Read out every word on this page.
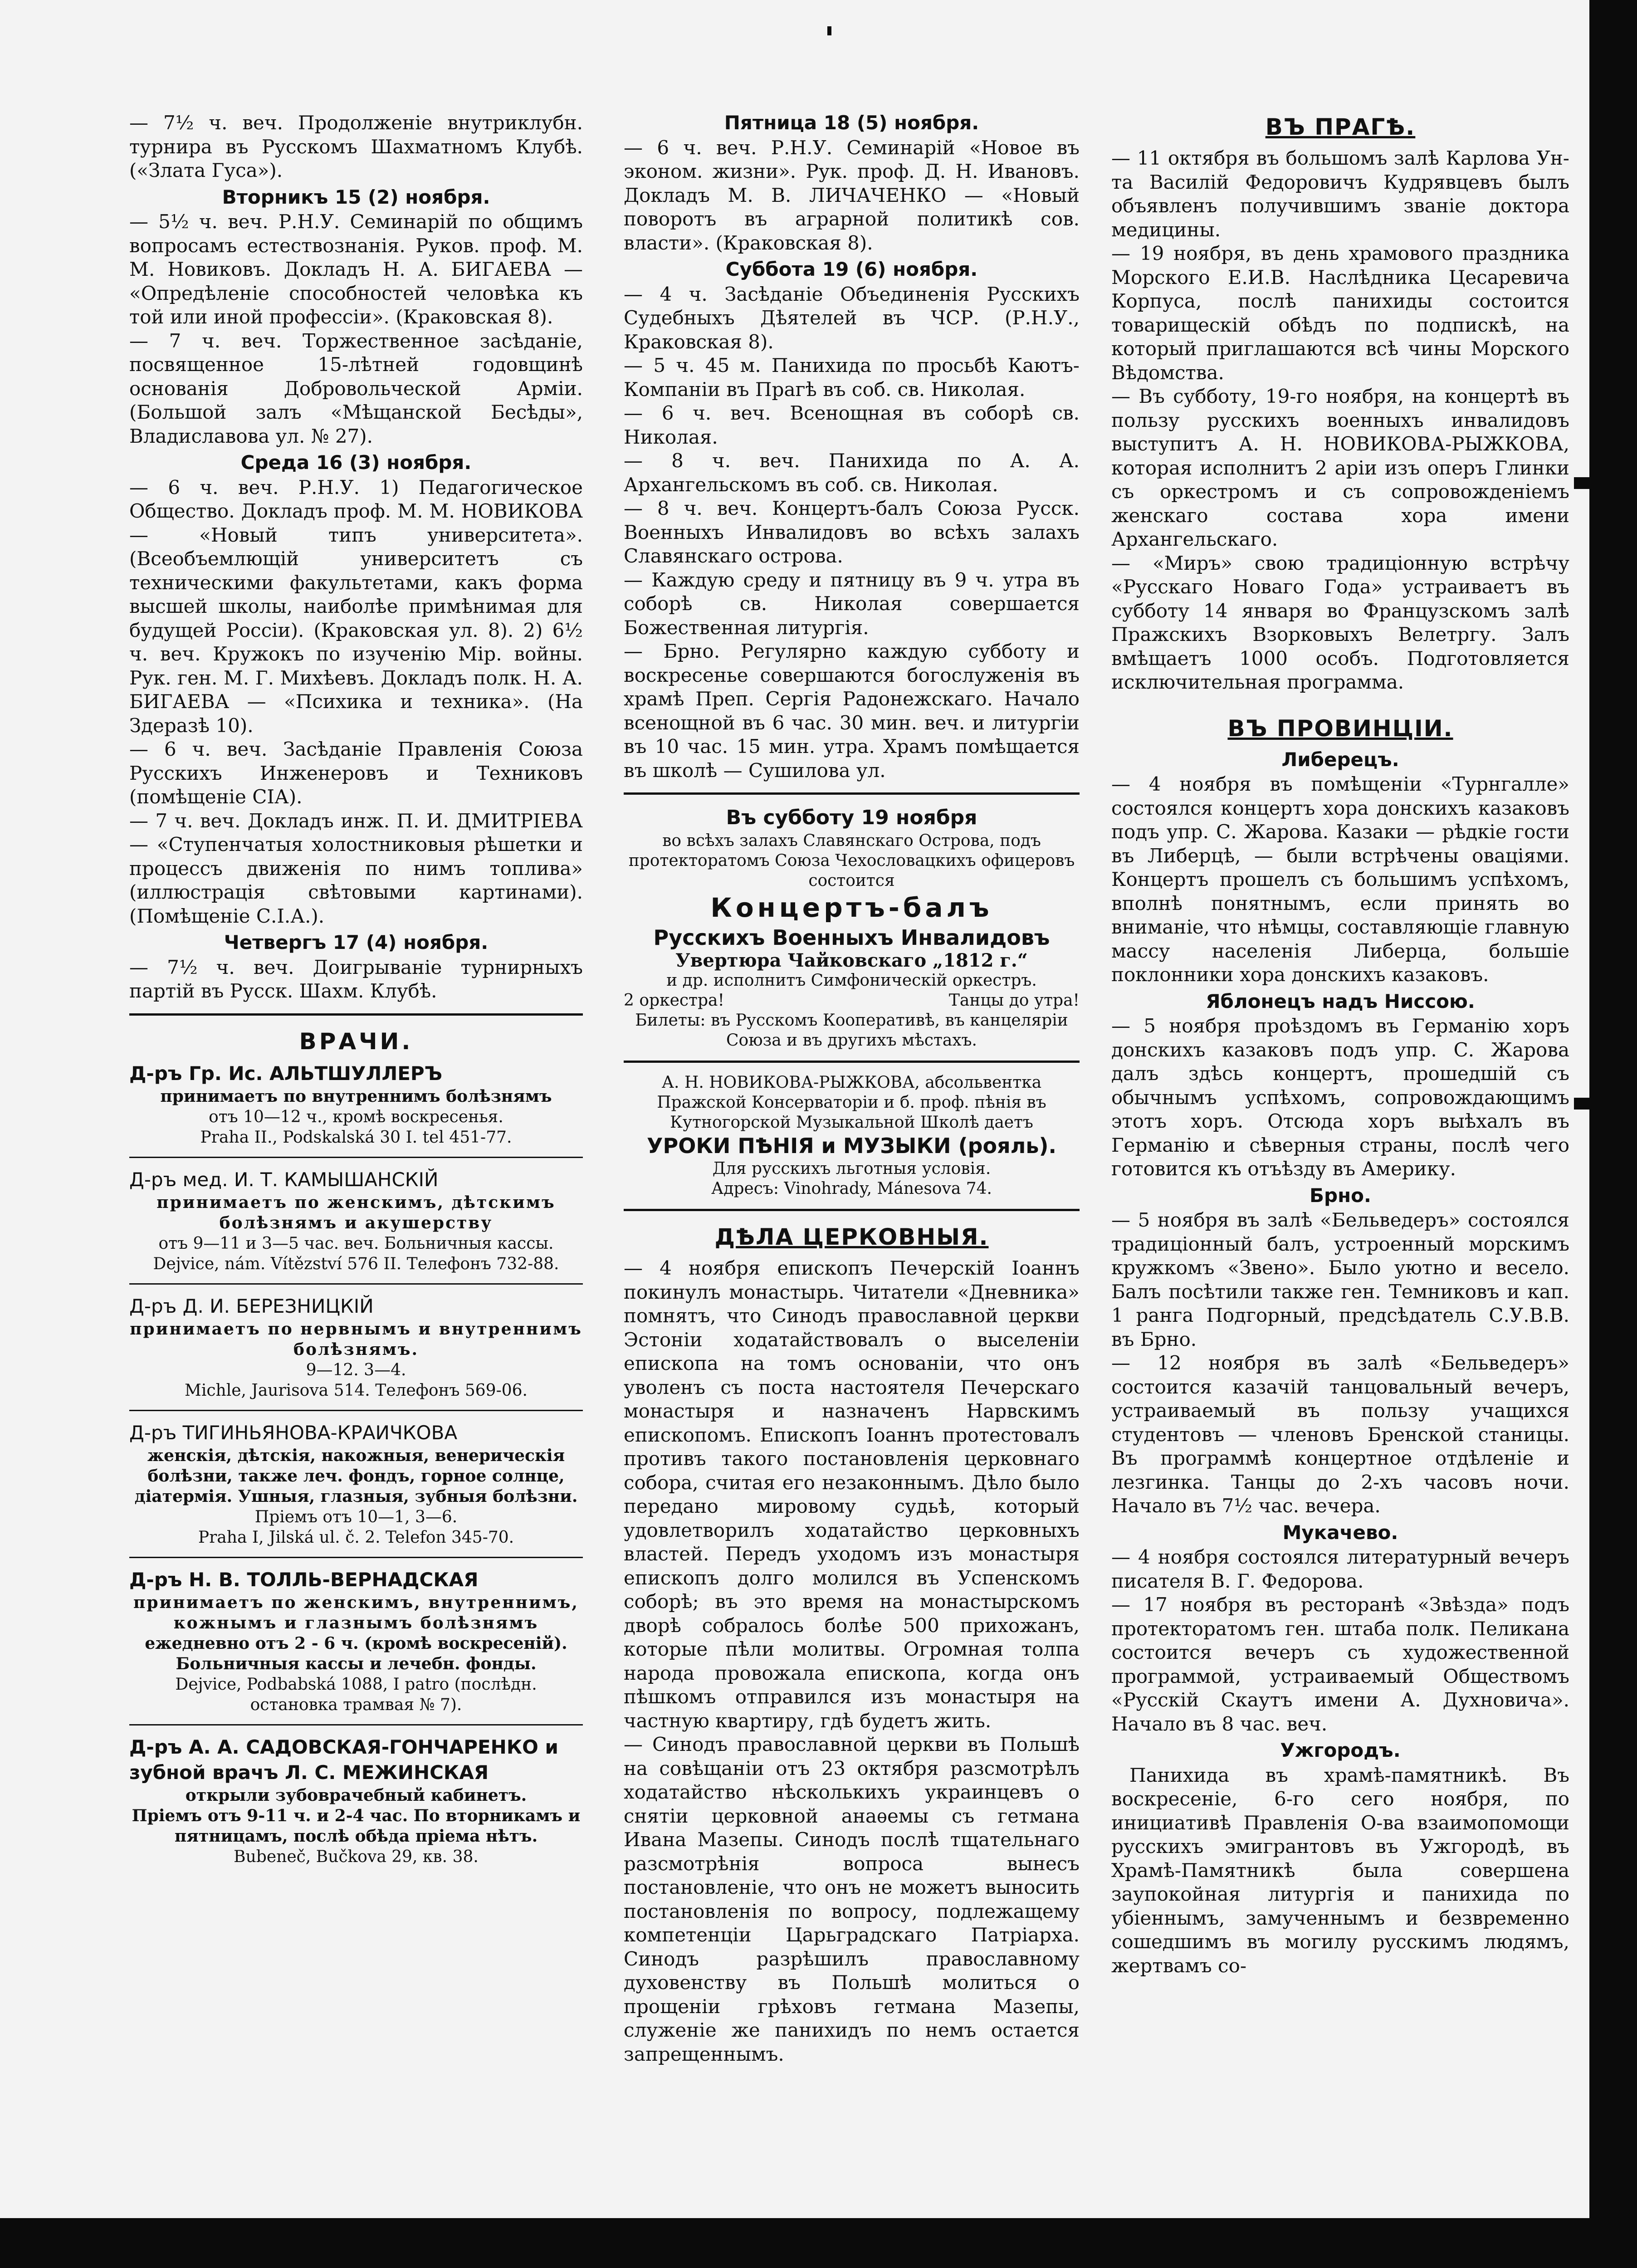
— 7½ ч. веч. Продолженіе внутриклубн. турнира въ Русскомъ Шахматномъ Клубѣ. («Злата Гуса»).

Вторникъ 15 (2) ноября.

— 5½ ч. веч. Р.Н.У. Семинарій по общимъ вопросамъ естествознанія. Руков. проф. М. М. Новиковъ. Докладъ Н. А. БИГАЕВА — «Опредѣленіе способностей человѣка къ той или иной профессіи». (Краковская 8).

— 7 ч. веч. Торжественное засѣданіе, посвященное 15-лѣтней годовщинѣ основанія Добровольческой Арміи. (Большой залъ «Мѣщанской Бесѣды», Владиславова ул. № 27).

Среда 16 (3) ноября.

— 6 ч. веч. Р.Н.У. 1) Педагогическое Общество. Докладъ проф. М. М. НОВИКОВА — «Новый типъ университета». (Всеобъемлющій университетъ съ техническими факультетами, какъ форма высшей школы, наиболѣе примѣнимая для будущей Россіи). (Краковская ул. 8). 2) 6½ ч. веч. Кружокъ по изученію Мір. войны. Рук. ген. М. Г. Михѣевъ. Докладъ полк. Н. А. БИГАЕВА — «Психика и техника». (На Здеразѣ 10).

— 6 ч. веч. Засѣданіе Правленія Союза Русскихъ Инженеровъ и Техниковъ (помѣщеніе СІА).

— 7 ч. веч. Докладъ инж. П. И. ДМИТРІЕВА — «Ступенчатыя холостниковыя рѣшетки и процессъ движенія по нимъ топлива» (иллюстрація свѣтовыми картинами). (Помѣщеніе С.І.А.).

Четвергъ 17 (4) ноября.

— 7½ ч. веч. Доигрываніе турнирныхъ партій въ Русск. Шахм. Клубѣ.

ВРАЧИ.

Д-ръ Гр. Ис. АЛЬТШУЛЛЕРЪ

принимаетъ по внутреннимъ болѣзнямъ

отъ 10—12 ч., кромѣ воскресенья.

Praha II., Podskalská 30 I. tel 451-77.

Д-ръ мед. И. Т. КАМЫШАНСКІЙ

принимаетъ по женскимъ, дѣтскимъ болѣзнямъ и акушерству

отъ 9—11 и 3—5 час. веч. Больничныя кассы.

Dejvice, nám. Vítězství 576 II. Телефонъ 732-88.

Д-ръ Д. И. БЕРЕЗНИЦКІЙ

принимаетъ по нервнымъ и внутреннимъ болѣзнямъ.

9—12. 3—4.

Michle, Jaurisova 514. Телефонъ 569-06.

Д-ръ ТИГИНЬЯНОВА-КРАИЧКОВА

женскія, дѣтскія, накожныя, венерическія болѣзни, также леч. фондъ, горное солнце, діатермія. Ушныя, глазныя, зубныя болѣзни.

Пріемъ отъ 10—1, 3—6.

Praha I, Jilská ul. č. 2. Telefon 345-70.

Д-ръ Н. В. ТОЛЛЬ-ВЕРНАДСКАЯ

принимаетъ по женскимъ, внутреннимъ, кожнымъ и глазнымъ болѣзнямъ

ежедневно отъ 2 - 6 ч. (кромѣ воскресеній). Больничныя кассы и лечебн. фонды.

Dejvice, Podbabská 1088, I patro (послѣдн. остановка трамвая № 7).

Д-ръ А. А. САДОВСКАЯ-ГОНЧАРЕНКО и зубной врачъ Л. С. МЕЖИНСКАЯ

открыли зубоврачебный кабинетъ.

Пріемъ отъ 9-11 ч. и 2-4 час. По вторникамъ и пятницамъ, послѣ обѣда пріема нѣтъ.

Bubeneč, Bučkova 29, кв. 38.

Пятница 18 (5) ноября.

— 6 ч. веч. Р.Н.У. Семинарій «Новое въ эконом. жизни». Рук. проф. Д. Н. Ивановъ. Докладъ М. В. ЛИЧАЧЕНКО — «Новый поворотъ въ аграрной политикѣ сов. власти». (Краковская 8).

Суббота 19 (6) ноября.

— 4 ч. Засѣданіе Объединенія Русскихъ Судебныхъ Дѣятелей въ ЧСР. (Р.Н.У., Краковская 8).

— 5 ч. 45 м. Панихида по просьбѣ Каютъ-Компаніи въ Прагѣ въ соб. св. Николая.

— 6 ч. веч. Всенощная въ соборѣ св. Николая.

— 8 ч. веч. Панихида по А. А. Архангельскомъ въ соб. св. Николая.

— 8 ч. веч. Концертъ-балъ Союза Русск. Военныхъ Инвалидовъ во всѣхъ залахъ Славянскаго острова.

— Каждую среду и пятницу въ 9 ч. утра въ соборѣ св. Николая совершается Божественная литургія.

— Брно. Регулярно каждую субботу и воскресенье совершаются богослуженія въ храмѣ Преп. Сергія Радонежскаго. Начало всенощной въ 6 час. 30 мин. веч. и литургіи въ 10 час. 15 мин. утра. Храмъ помѣщается въ школѣ — Сушилова ул.

Въ субботу 19 ноября

во всѣхъ залахъ Славянскаго Острова, подъ протекторатомъ Союза Чехословацкихъ офицеровъ состоится

Концертъ-балъ

Русскихъ Военныхъ Инвалидовъ

Увертюра Чайковскаго „1812 г.“

и др. исполнитъ Симфоническій оркестръ.

2 оркестра!	Танцы до утра!

Билеты: въ Русскомъ Кооперативѣ, въ канцеляріи Союза и въ другихъ мѣстахъ.

А. Н. НОВИКОВА-РЫЖКОВА, абсольвентка Пражской Консерваторіи и б. проф. пѣнія въ Кутногорской Музыкальной Школѣ даетъ

УРОКИ ПѢНІЯ и МУЗЫКИ (рояль).

Для русскихъ льготныя условія.

Адресъ: Vinohrady, Mánesova 74.

ДѢЛА ЦЕРКОВНЫЯ.

— 4 ноября епископъ Печерскій Іоаннъ покинулъ монастырь. Читатели «Дневника» помнятъ, что Синодъ православной церкви Эстоніи ходатайствовалъ о выселеніи епископа на томъ основаніи, что онъ уволенъ съ поста настоятеля Печерскаго монастыря и назначенъ Нарвскимъ епископомъ. Епископъ Іоаннъ протестовалъ противъ такого постановленія церковнаго собора, считая его незаконнымъ. Дѣло было передано мировому судьѣ, который удовлетворилъ ходатайство церковныхъ властей. Передъ уходомъ изъ монастыря епископъ долго молился въ Успенскомъ соборѣ; въ это время на монастырскомъ дворѣ собралось болѣе 500 прихожанъ, которые пѣли молитвы. Огромная толпа народа провожала епископа, когда онъ пѣшкомъ отправился изъ монастыря на частную квартиру, гдѣ будетъ жить.

— Синодъ православной церкви въ Польшѣ на совѣщаніи отъ 23 октября разсмотрѣлъ ходатайство нѣсколькихъ украинцевъ о снятіи церковной анаѳемы съ гетмана Ивана Мазепы. Синодъ послѣ тщательнаго разсмотрѣнія вопроса вынесъ постановленіе, что онъ не можетъ выносить постановленія по вопросу, подлежащему компетенціи Царьградскаго Патріарха. Синодъ разрѣшилъ православному духовенству въ Польшѣ молиться о прощеніи грѣховъ гетмана Мазепы, служеніе же панихидъ по немъ остается запрещеннымъ.

ВЪ ПРАГѢ.

— 11 октября въ большомъ залѣ Карлова Ун-та Василій Федоровичъ Кудрявцевъ былъ объявленъ получившимъ званіе доктора медицины.

— 19 ноября, въ день храмового праздника Морского Е.И.В. Наслѣдника Цесаревича Корпуса, послѣ панихиды состоится товарищескій обѣдъ по подпискѣ, на который приглашаются всѣ чины Морского Вѣдомства.

— Въ субботу, 19-го ноября, на концертѣ въ пользу русскихъ военныхъ инвалидовъ выступитъ А. Н. НОВИКОВА-РЫЖКОВА, которая исполнитъ 2 аріи изъ оперъ Глинки съ оркестромъ и съ сопровожденіемъ женскаго состава хора имени Архангельскаго.

— «Миръ» свою традиціонную встрѣчу «Русскаго Новаго Года» устраиваетъ въ субботу 14 января во Французскомъ залѣ Пражскихъ Взорковыхъ Велетргу. Залъ вмѣщаетъ 1000 особъ. Подготовляется исключительная программа.

ВЪ ПРОВИНЦІИ.

Либерецъ.

— 4 ноября въ помѣщеніи «Турнгалле» состоялся концертъ хора донскихъ казаковъ подъ упр. С. Жарова. Казаки — рѣдкіе гости въ Либерцѣ, — были встрѣчены оваціями. Концертъ прошелъ съ большимъ успѣхомъ, вполнѣ понятнымъ, если принять во вниманіе, что нѣмцы, составляющіе главную массу населенія Либерца, большіе поклонники хора донскихъ казаковъ.

Яблонецъ надъ Ниссою.

— 5 ноября проѣздомъ въ Германію хоръ донскихъ казаковъ подъ упр. С. Жарова далъ здѣсь концертъ, прошедшій съ обычнымъ успѣхомъ, сопровождающимъ этотъ хоръ. Отсюда хоръ выѣхалъ въ Германію и сѣверныя страны, послѣ чего готовится къ отъѣзду въ Америку.

Брно.

— 5 ноября въ залѣ «Бельведеръ» состоялся традиціонный балъ, устроенный морскимъ кружкомъ «Звено». Было уютно и весело. Балъ посѣтили также ген. Темниковъ и кап. 1 ранга Подгорный, предсѣдатель С.У.В.В. въ Брно.

— 12 ноября въ залѣ «Бельведеръ» состоится казачій танцовальный вечеръ, устраиваемый въ пользу учащихся студентовъ — членовъ Бренской станицы. Въ программѣ концертное отдѣленіе и лезгинка. Танцы до 2-хъ часовъ ночи. Начало въ 7½ час. вечера.

Мукачево.

— 4 ноября состоялся литературный вечеръ писателя В. Г. Федорова.

— 17 ноября въ ресторанѣ «Звѣзда» подъ протекторатомъ ген. штаба полк. Пеликана состоится вечеръ съ художественной программой, устраиваемый Обществомъ «Русскій Скаутъ имени А. Духновича». Начало въ 8 час. веч.

Ужгородъ.

Панихида въ храмѣ-памятникѣ. Въ воскресеніе, 6-го сего ноября, по инициативѣ Правленія О-ва взаимопомощи русскихъ эмигрантовъ въ Ужгородѣ, въ Храмѣ-Памятникѣ была совершена заупокойная литургія и панихида по убіеннымъ, замученнымъ и безвременно сошедшимъ въ могилу русскимъ людямъ, жертвамъ со-
